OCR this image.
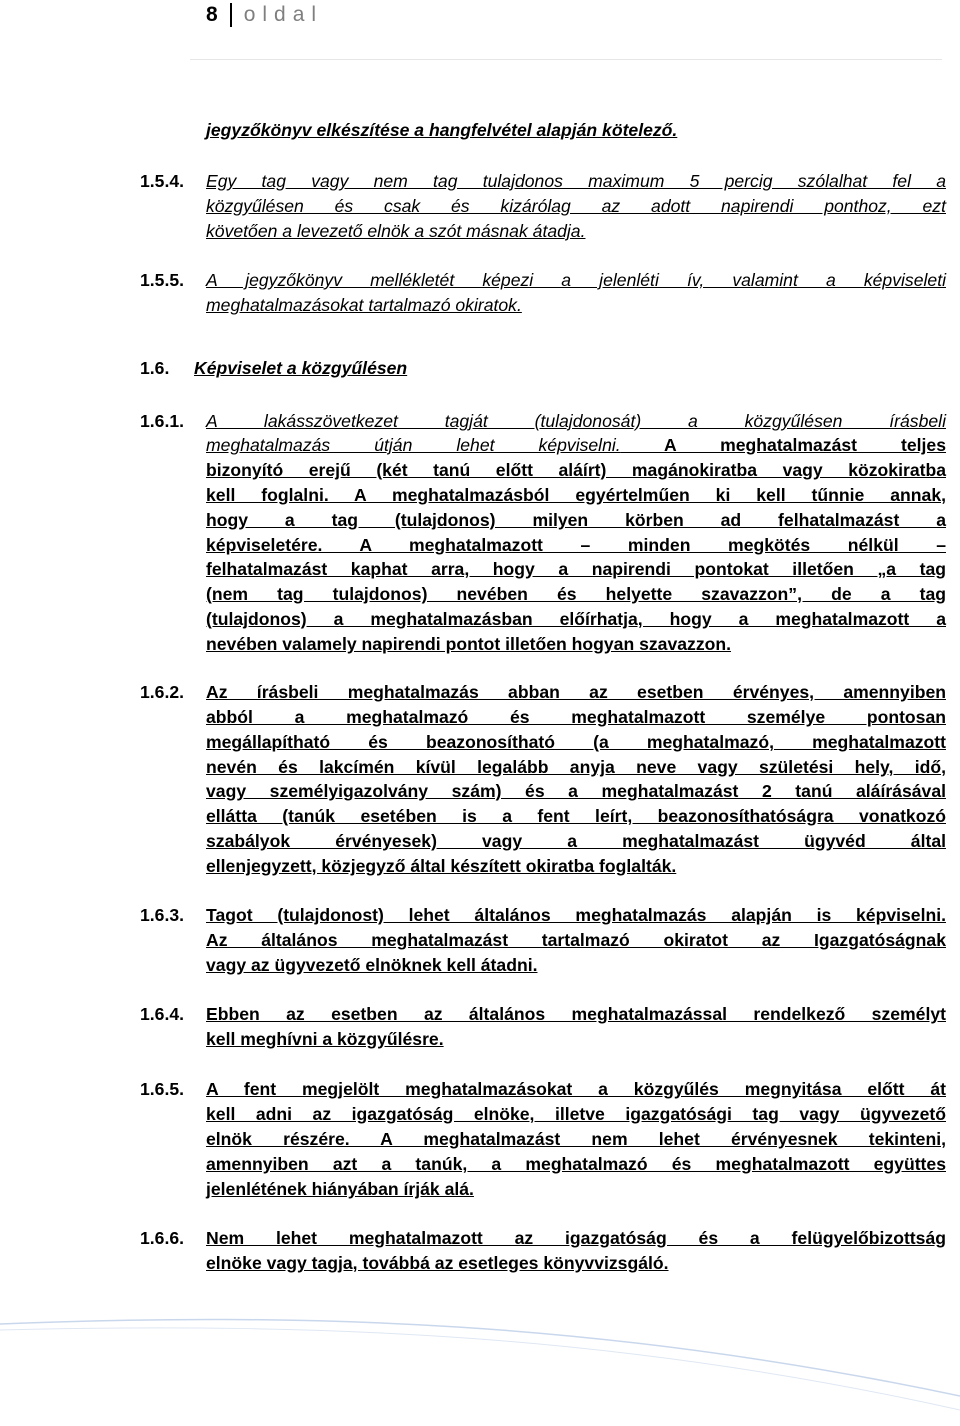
8 oldal
jegyzőkönyv elkészítése a hangfelvétel alapján kötelező.
1.5.4. Egy tag vagy nem tag tulajdonos maximum 5 percig szólalhat fel a
közgyűlésen és csak és kizárólag az adott napirendi ponthoz, ezt
követően a levezető elnök a szót másnak átadja.
1.5.5. A jegyzőkönyv mellékletét képezi a jelenléti ív, valamint a képviseleti
meghatalmazásokat tartalmazó okiratok.
1.6. Képviselet a közgyűlésen
1.6.1. A lakásszövetkezet tagját (tulajdonosát) a közgyűlésen írásbeli
meghatalmazás útján lehet képviselni. A meghatalmazást teljes
bizonyító erejű (két tanú előtt aláírt) magánokiratba vagy közokiratba
kell foglalni. A meghatalmazásból egyértelműen ki kell tűnnie annak,
hogy a tag (tulajdonos) milyen körben ad felhatalmazást a
képviseletére. A meghatalmazott – minden megkötés nélkül –
felhatalmazást kaphat arra, hogy a napirendi pontokat illetően „a tag
(nem tag tulajdonos) nevében és helyette szavazzon”, de a tag
(tulajdonos) a meghatalmazásban előírhatja, hogy a meghatalmazott a
nevében valamely napirendi pontot illetően hogyan szavazzon.
1.6.2. Az írásbeli meghatalmazás abban az esetben érvényes, amennyiben
abból a meghatalmazó és meghatalmazott személye pontosan
megállapítható és beazonosítható (a meghatalmazó, meghatalmazott
nevén és lakcímén kívül legalább anyja neve vagy születési hely, idő,
vagy személyigazolvány szám) és a meghatalmazást 2 tanú aláírásával
ellátta (tanúk esetében is a fent leírt, beazonosíthatóságra vonatkozó
szabályok érvényesek) vagy a meghatalmazást ügyvéd által
ellenjegyzett, közjegyző által készített okiratba foglalták.
1.6.3. Tagot (tulajdonost) lehet általános meghatalmazás alapján is képviselni.
Az általános meghatalmazást tartalmazó okiratot az Igazgatóságnak
vagy az ügyvezető elnöknek kell átadni.
1.6.4. Ebben az esetben az általános meghatalmazással rendelkező személyt
kell meghívni a közgyűlésre.
1.6.5. A fent megjelölt meghatalmazásokat a közgyűlés megnyitása előtt át
kell adni az igazgatóság elnöke, illetve igazgatósági tag vagy ügyvezető
elnök részére. A meghatalmazást nem lehet érvényesnek tekinteni,
amennyiben azt a tanúk, a meghatalmazó és meghatalmazott együttes
jelenlétének hiányában írják alá.
1.6.6. Nem lehet meghatalmazott az igazgatóság és a felügyelőbizottság
elnöke vagy tagja, továbbá az esetleges könyvvizsgáló.
